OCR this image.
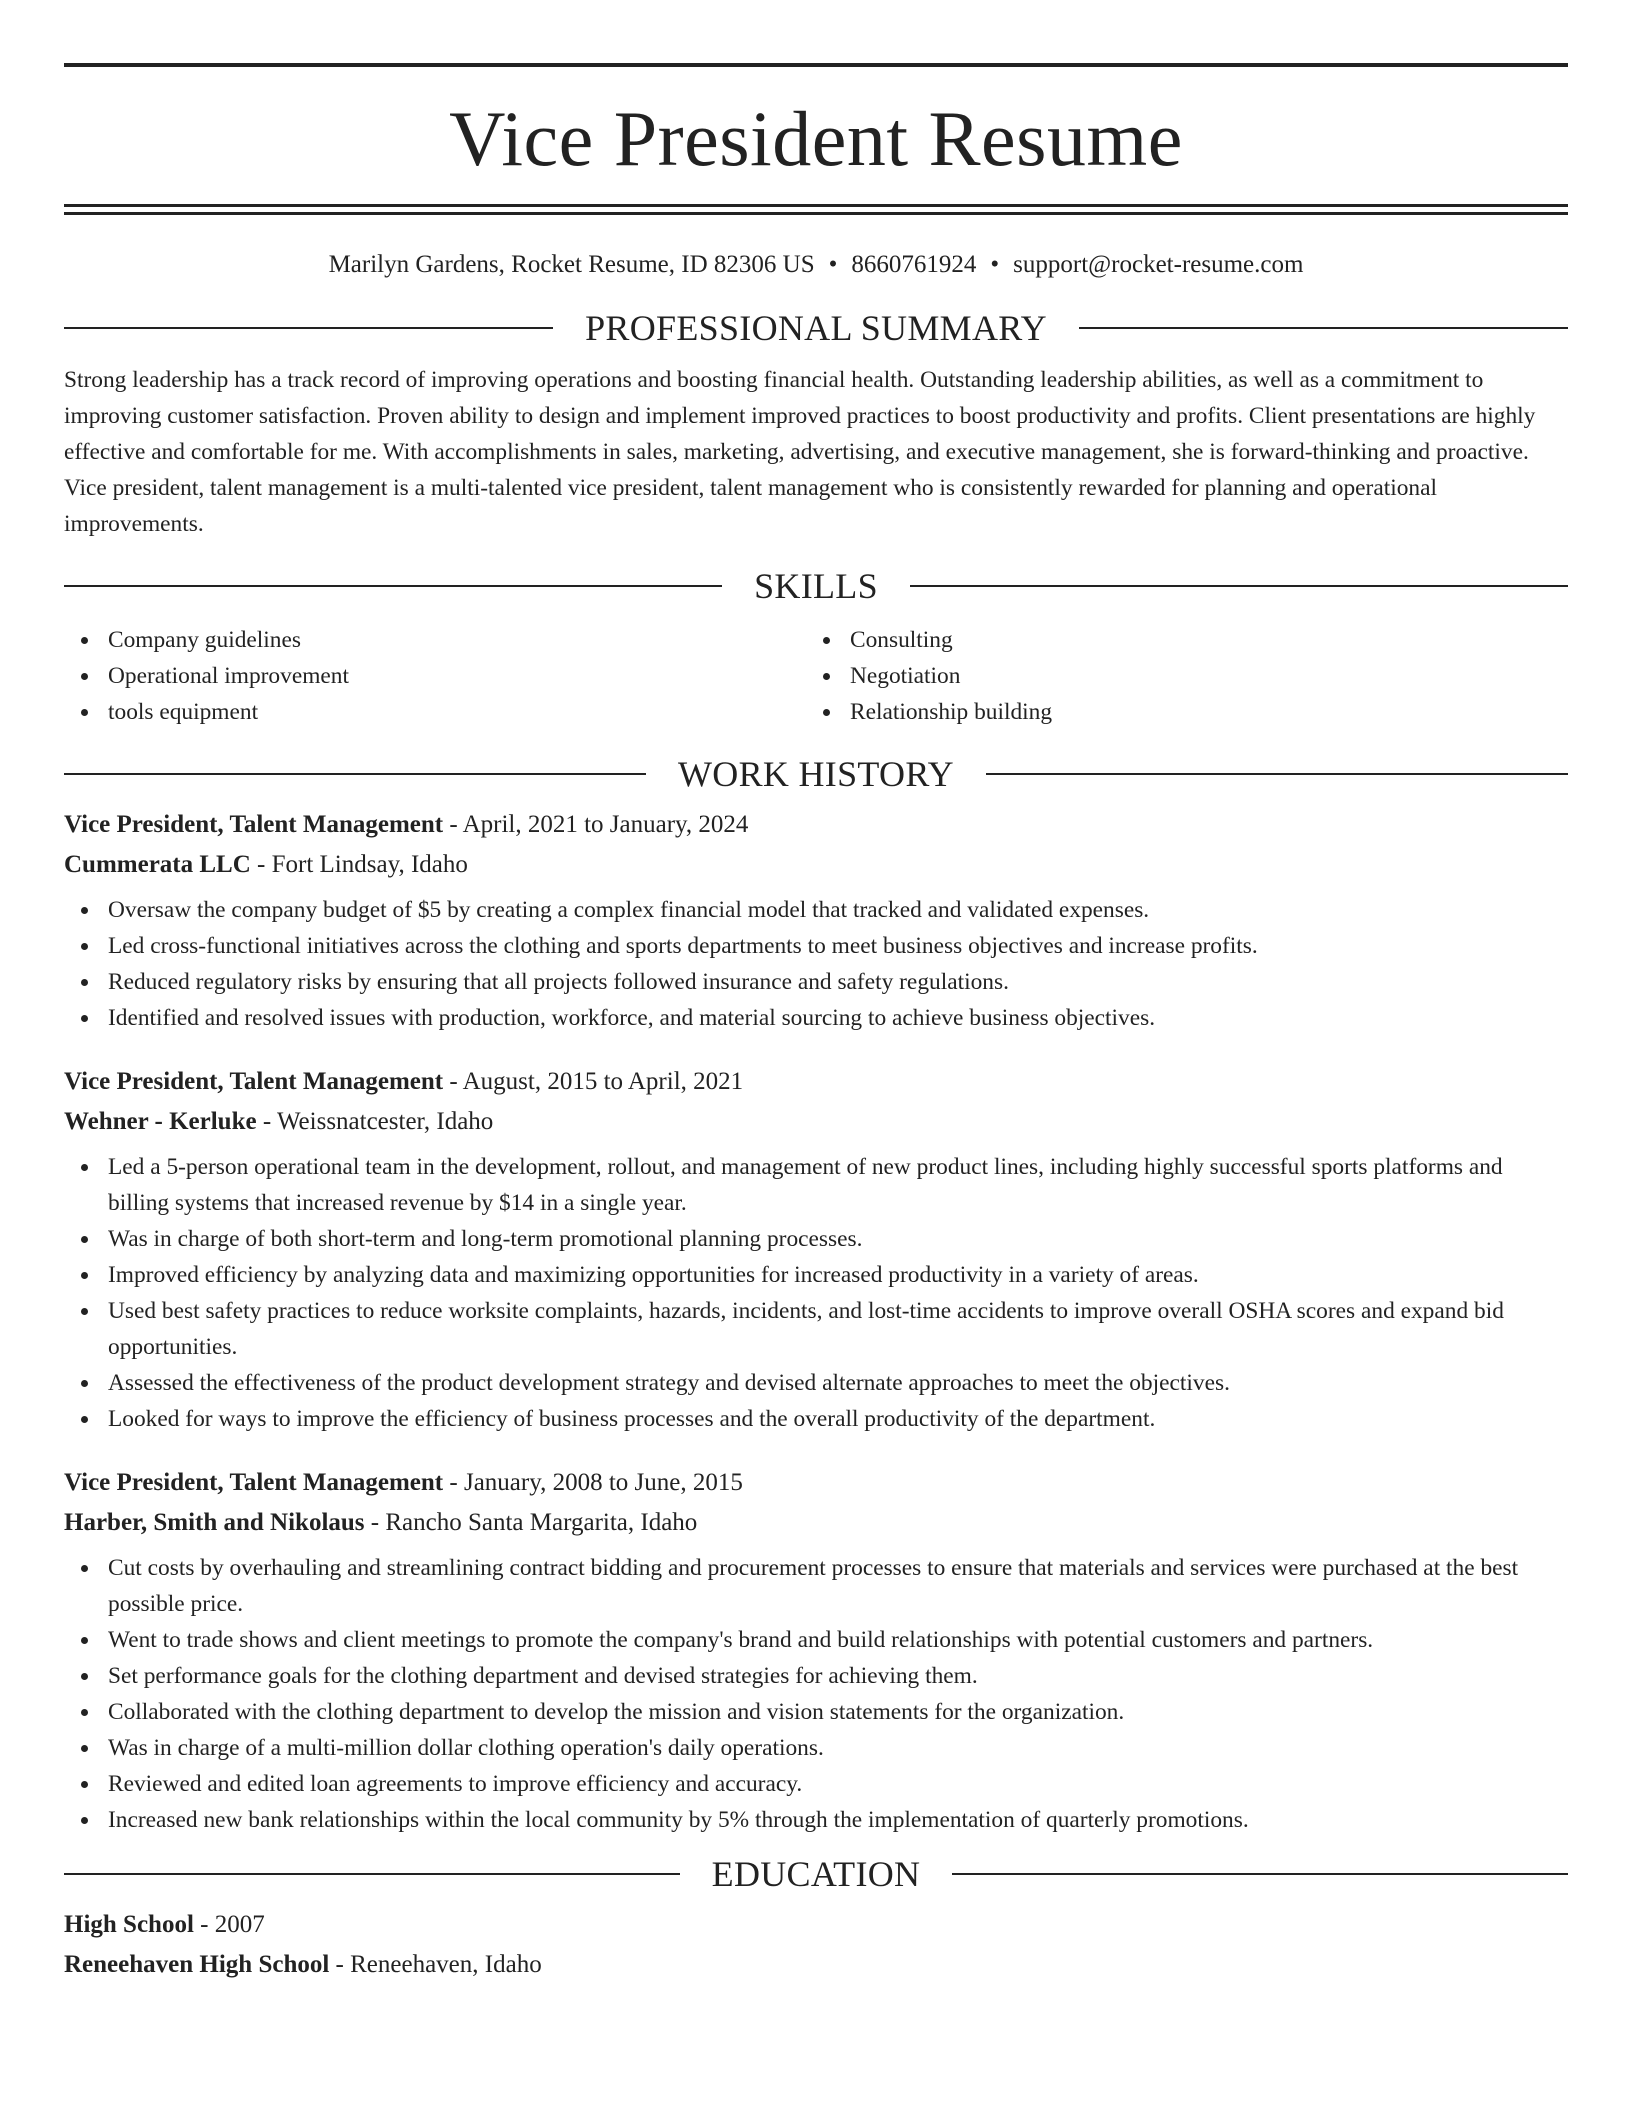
Vice President Resume
Marilyn Gardens, Rocket Resume, ID 82306 US • 8660761924 • support@rocket-resume.com
PROFESSIONAL SUMMARY
Strong leadership has a track record of improving operations and boosting financial health. Outstanding leadership abilities, as well as a commitment to improving customer satisfaction. Proven ability to design and implement improved practices to boost productivity and profits. Client presentations are highly effective and comfortable for me. With accomplishments in sales, marketing, advertising, and executive management, she is forward-thinking and proactive. Vice president, talent management is a multi-talented vice president, talent management who is consistently rewarded for planning and operational improvements.
SKILLS
Company guidelines
Operational improvement
tools equipment
Consulting
Negotiation
Relationship building
WORK HISTORY
Vice President, Talent Management - April, 2021 to January, 2024
Cummerata LLC - Fort Lindsay, Idaho
Oversaw the company budget of $5 by creating a complex financial model that tracked and validated expenses.
Led cross-functional initiatives across the clothing and sports departments to meet business objectives and increase profits.
Reduced regulatory risks by ensuring that all projects followed insurance and safety regulations.
Identified and resolved issues with production, workforce, and material sourcing to achieve business objectives.
Vice President, Talent Management - August, 2015 to April, 2021
Wehner - Kerluke - Weissnatcester, Idaho
Led a 5-person operational team in the development, rollout, and management of new product lines, including highly successful sports platforms and billing systems that increased revenue by $14 in a single year.
Was in charge of both short-term and long-term promotional planning processes.
Improved efficiency by analyzing data and maximizing opportunities for increased productivity in a variety of areas.
Used best safety practices to reduce worksite complaints, hazards, incidents, and lost-time accidents to improve overall OSHA scores and expand bid opportunities.
Assessed the effectiveness of the product development strategy and devised alternate approaches to meet the objectives.
Looked for ways to improve the efficiency of business processes and the overall productivity of the department.
Vice President, Talent Management - January, 2008 to June, 2015
Harber, Smith and Nikolaus - Rancho Santa Margarita, Idaho
Cut costs by overhauling and streamlining contract bidding and procurement processes to ensure that materials and services were purchased at the best possible price.
Went to trade shows and client meetings to promote the company's brand and build relationships with potential customers and partners.
Set performance goals for the clothing department and devised strategies for achieving them.
Collaborated with the clothing department to develop the mission and vision statements for the organization.
Was in charge of a multi-million dollar clothing operation's daily operations.
Reviewed and edited loan agreements to improve efficiency and accuracy.
Increased new bank relationships within the local community by 5% through the implementation of quarterly promotions.
EDUCATION
High School - 2007
Reneehaven High School - Reneehaven, Idaho
